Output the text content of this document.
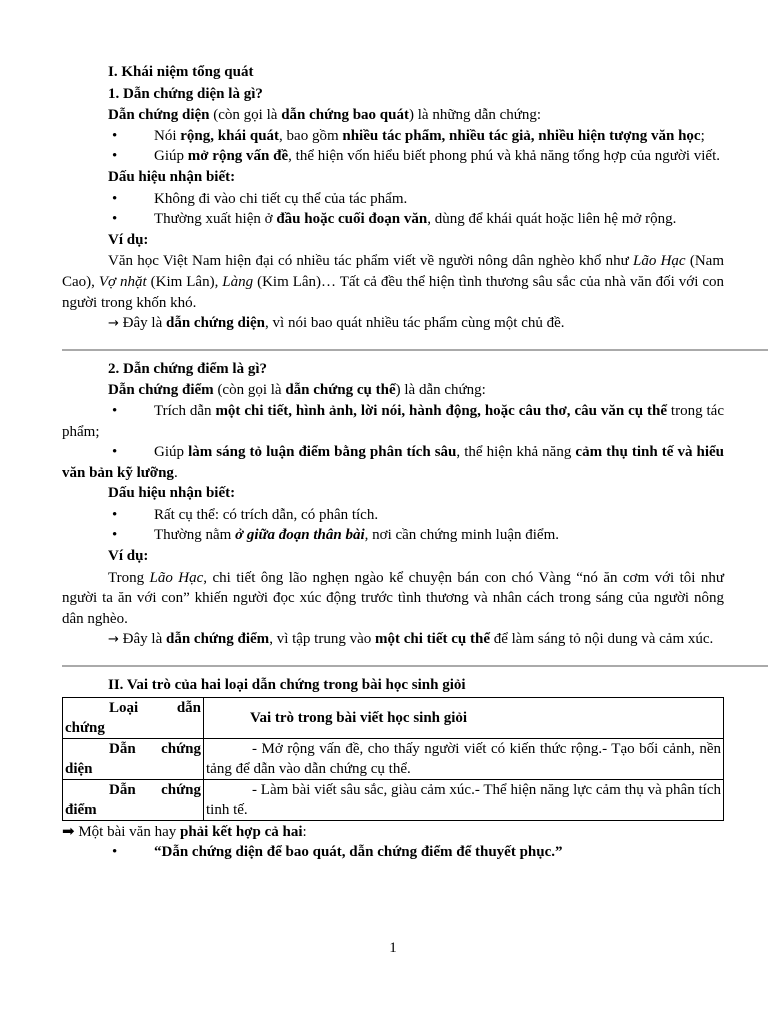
I. Khái niệm tổng quát

1. Dẫn chứng diện là gì?

Dẫn chứng diện (còn gọi là dẫn chứng bao quát) là những dẫn chứng:

• Nói rộng, khái quát, bao gồm nhiều tác phẩm, nhiều tác giả, nhiều hiện tượng văn học;

• Giúp mở rộng vấn đề, thể hiện vốn hiểu biết phong phú và khả năng tổng hợp của người viết.

Dấu hiệu nhận biết:

• Không đi vào chi tiết cụ thể của tác phẩm.

• Thường xuất hiện ở đầu hoặc cuối đoạn văn, dùng để khái quát hoặc liên hệ mở rộng.

Ví dụ:

Văn học Việt Nam hiện đại có nhiều tác phẩm viết về người nông dân nghèo khổ như Lão Hạc (Nam Cao), Vợ nhặt (Kim Lân), Làng (Kim Lân)… Tất cả đều thể hiện tình thương sâu sắc của nhà văn đối với con người trong khốn khó.

→ Đây là dẫn chứng diện, vì nói bao quát nhiều tác phẩm cùng một chủ đề.

2. Dẫn chứng điểm là gì?

Dẫn chứng điểm (còn gọi là dẫn chứng cụ thể) là dẫn chứng:

• Trích dẫn một chi tiết, hình ảnh, lời nói, hành động, hoặc câu thơ, câu văn cụ thể trong tác phẩm;

• Giúp làm sáng tỏ luận điểm bằng phân tích sâu, thể hiện khả năng cảm thụ tinh tế và hiểu văn bản kỹ lưỡng.

Dấu hiệu nhận biết:

• Rất cụ thể: có trích dẫn, có phân tích.

• Thường nằm ở giữa đoạn thân bài, nơi cần chứng minh luận điểm.

Ví dụ:

Trong Lão Hạc, chi tiết ông lão nghẹn ngào kể chuyện bán con chó Vàng “nó ăn cơm với tôi như người ta ăn với con” khiến người đọc xúc động trước tình thương và nhân cách trong sáng của người nông dân nghèo.

→ Đây là dẫn chứng điểm, vì tập trung vào một chi tiết cụ thể để làm sáng tỏ nội dung và cảm xúc.

II. Vai trò của hai loại dẫn chứng trong bài học sinh giỏi

Loại dẫn chứng	Vai trò trong bài viết học sinh giỏi

Dẫn chứng diện	- Mở rộng vấn đề, cho thấy người viết có kiến thức rộng.- Tạo bối cảnh, nền tảng để dẫn vào dẫn chứng cụ thể.

Dẫn chứng điểm	- Làm bài viết sâu sắc, giàu cảm xúc.- Thể hiện năng lực cảm thụ và phân tích tinh tế.

➡ Một bài văn hay phải kết hợp cả hai:

• “Dẫn chứng diện để bao quát, dẫn chứng điểm để thuyết phục.”

1
